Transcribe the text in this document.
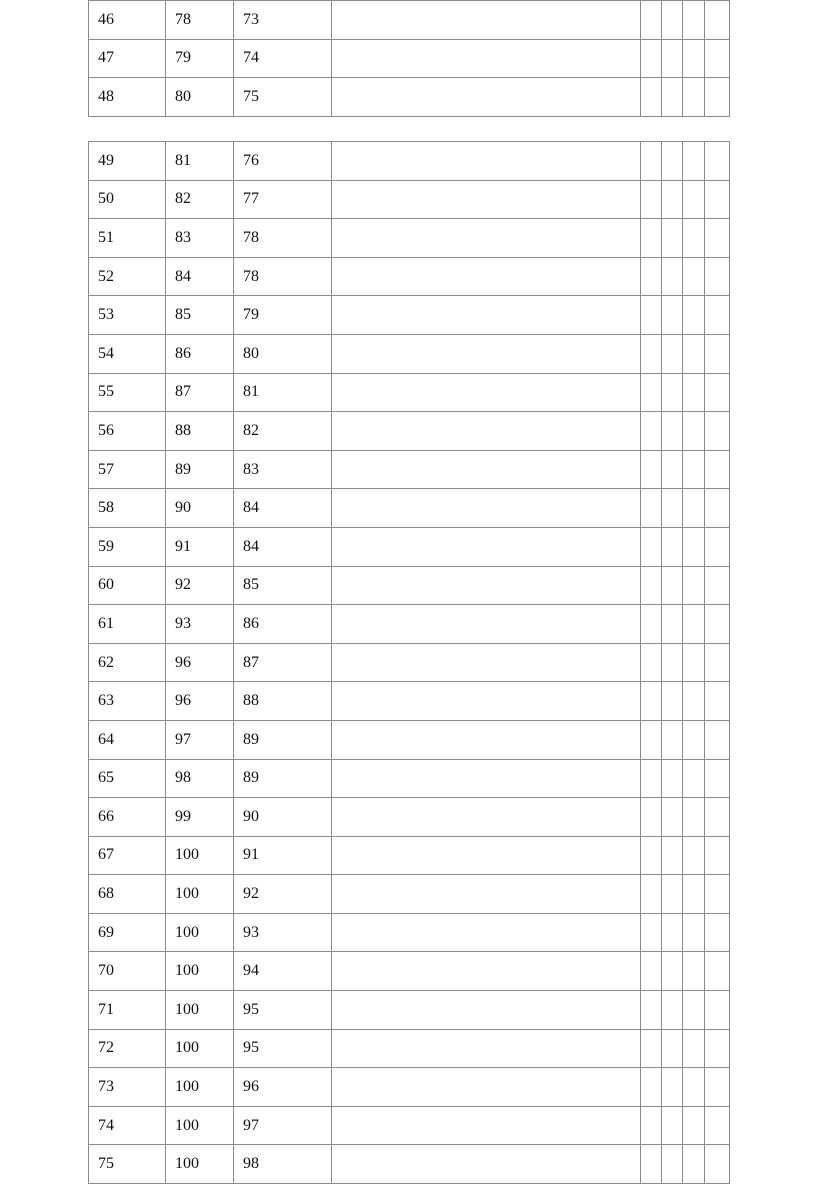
46	78	73					
47	79	74					
48	80	75					
49	81	76					
50	82	77					
51	83	78					
52	84	78					
53	85	79					
54	86	80					
55	87	81					
56	88	82					
57	89	83					
58	90	84					
59	91	84					
60	92	85					
61	93	86					
62	96	87					
63	96	88					
64	97	89					
65	98	89					
66	99	90					
67	100	91					
68	100	92					
69	100	93					
70	100	94					
71	100	95					
72	100	95					
73	100	96					
74	100	97					
75	100	98					
